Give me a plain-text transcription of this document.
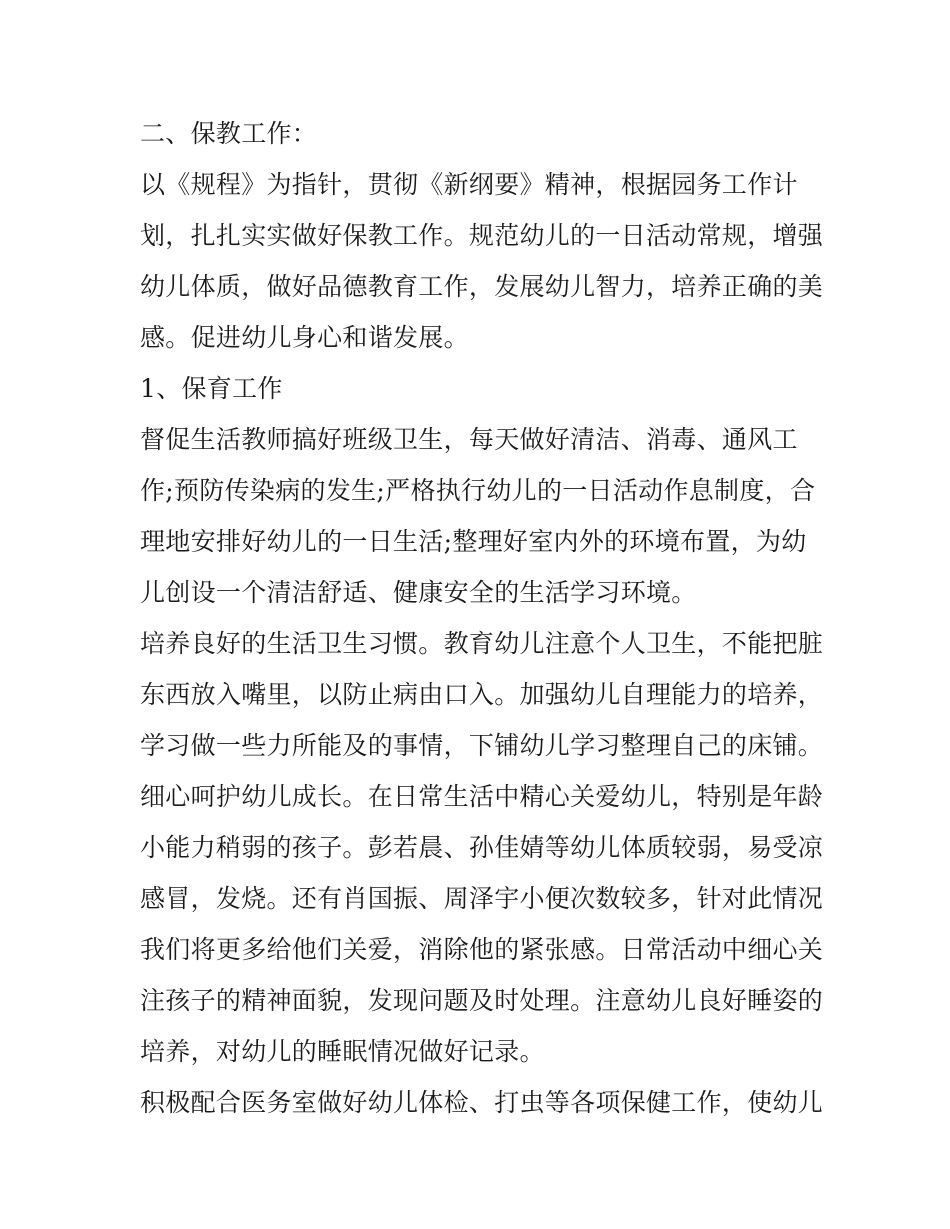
二、保教工作：
以《规程》为指针，贯彻《新纲要》精神，根据园务工作计
划，扎扎实实做好保教工作。规范幼儿的一日活动常规，增强
幼儿体质，做好品德教育工作，发展幼儿智力，培养正确的美
感。促进幼儿身心和谐发展。
1、保育工作
督促生活教师搞好班级卫生，每天做好清洁、消毒、通风工
作;预防传染病的发生;严格执行幼儿的一日活动作息制度，合
理地安排好幼儿的一日生活;整理好室内外的环境布置，为幼
儿创设一个清洁舒适、健康安全的生活学习环境。
培养良好的生活卫生习惯。教育幼儿注意个人卫生，不能把脏
东西放入嘴里，以防止病由口入。加强幼儿自理能力的培养，
学习做一些力所能及的事情，下铺幼儿学习整理自己的床铺。
细心呵护幼儿成长。在日常生活中精心关爱幼儿，特别是年龄
小能力稍弱的孩子。彭若晨、孙佳婧等幼儿体质较弱，易受凉
感冒，发烧。还有肖国振、周泽宇小便次数较多，针对此情况
我们将更多给他们关爱，消除他的紧张感。日常活动中细心关
注孩子的精神面貌，发现问题及时处理。注意幼儿良好睡姿的
培养，对幼儿的睡眠情况做好记录。
积极配合医务室做好幼儿体检、打虫等各项保健工作，使幼儿
